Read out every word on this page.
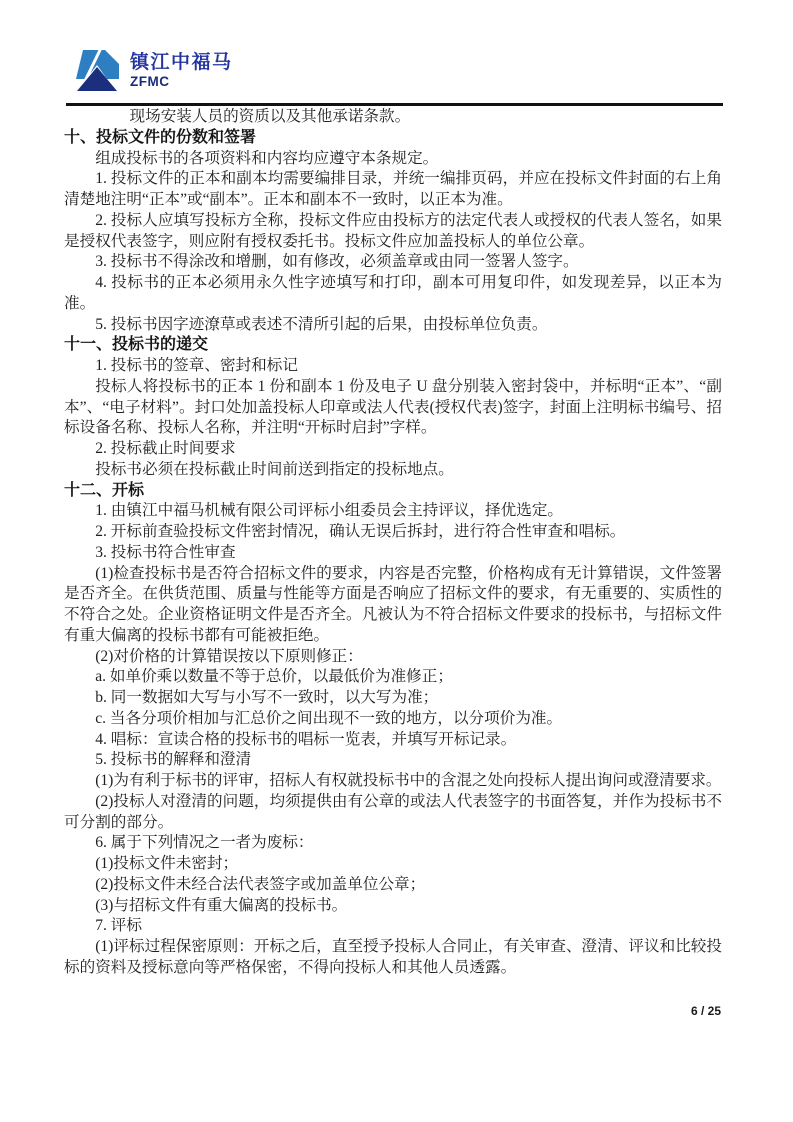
镇江中福马
ZFMC

现场安装人员的资质以及其他承诺条款。

十、投标文件的份数和签署

组成投标书的各项资料和内容均应遵守本条规定。

1. 投标文件的正本和副本均需要编排目录，并统一编排页码，并应在投标文件封面的右上角清楚地注明“正本”或“副本”。正本和副本不一致时，以正本为准。

2. 投标人应填写投标方全称，投标文件应由投标方的法定代表人或授权的代表人签名，如果是授权代表签字，则应附有授权委托书。投标文件应加盖投标人的单位公章。

3. 投标书不得涂改和增删，如有修改，必须盖章或由同一签署人签字。

4. 投标书的正本必须用永久性字迹填写和打印，副本可用复印件，如发现差异，以正本为准。

5. 投标书因字迹潦草或表述不清所引起的后果，由投标单位负责。

十一、投标书的递交

1. 投标书的签章、密封和标记

投标人将投标书的正本 1 份和副本 1 份及电子 U 盘分别装入密封袋中，并标明“正本”、“副本”、“电子材料”。封口处加盖投标人印章或法人代表(授权代表)签字，封面上注明标书编号、招标设备名称、投标人名称，并注明“开标时启封”字样。

2. 投标截止时间要求

投标书必须在投标截止时间前送到指定的投标地点。

十二、开标

1. 由镇江中福马机械有限公司评标小组委员会主持评议，择优选定。

2. 开标前查验投标文件密封情况，确认无误后拆封，进行符合性审查和唱标。

3. 投标书符合性审查

(1)检查投标书是否符合招标文件的要求，内容是否完整，价格构成有无计算错误，文件签署是否齐全。在供货范围、质量与性能等方面是否响应了招标文件的要求，有无重要的、实质性的不符合之处。企业资格证明文件是否齐全。凡被认为不符合招标文件要求的投标书，与招标文件有重大偏离的投标书都有可能被拒绝。

(2)对价格的计算错误按以下原则修正：

a. 如单价乘以数量不等于总价，以最低价为准修正；

b. 同一数据如大写与小写不一致时，以大写为准；

c. 当各分项价相加与汇总价之间出现不一致的地方，以分项价为准。

4. 唱标：宣读合格的投标书的唱标一览表，并填写开标记录。

5. 投标书的解释和澄清

(1)为有利于标书的评审，招标人有权就投标书中的含混之处向投标人提出询问或澄清要求。

(2)投标人对澄清的问题，均须提供由有公章的或法人代表签字的书面答复，并作为投标书不可分割的部分。

6. 属于下列情况之一者为废标：

(1)投标文件未密封；

(2)投标文件未经合法代表签字或加盖单位公章；

(3)与招标文件有重大偏离的投标书。

7. 评标

(1)评标过程保密原则：开标之后，直至授予投标人合同止，有关审查、澄清、评议和比较投标的资料及授标意向等严格保密，不得向投标人和其他人员透露。

6 / 25
